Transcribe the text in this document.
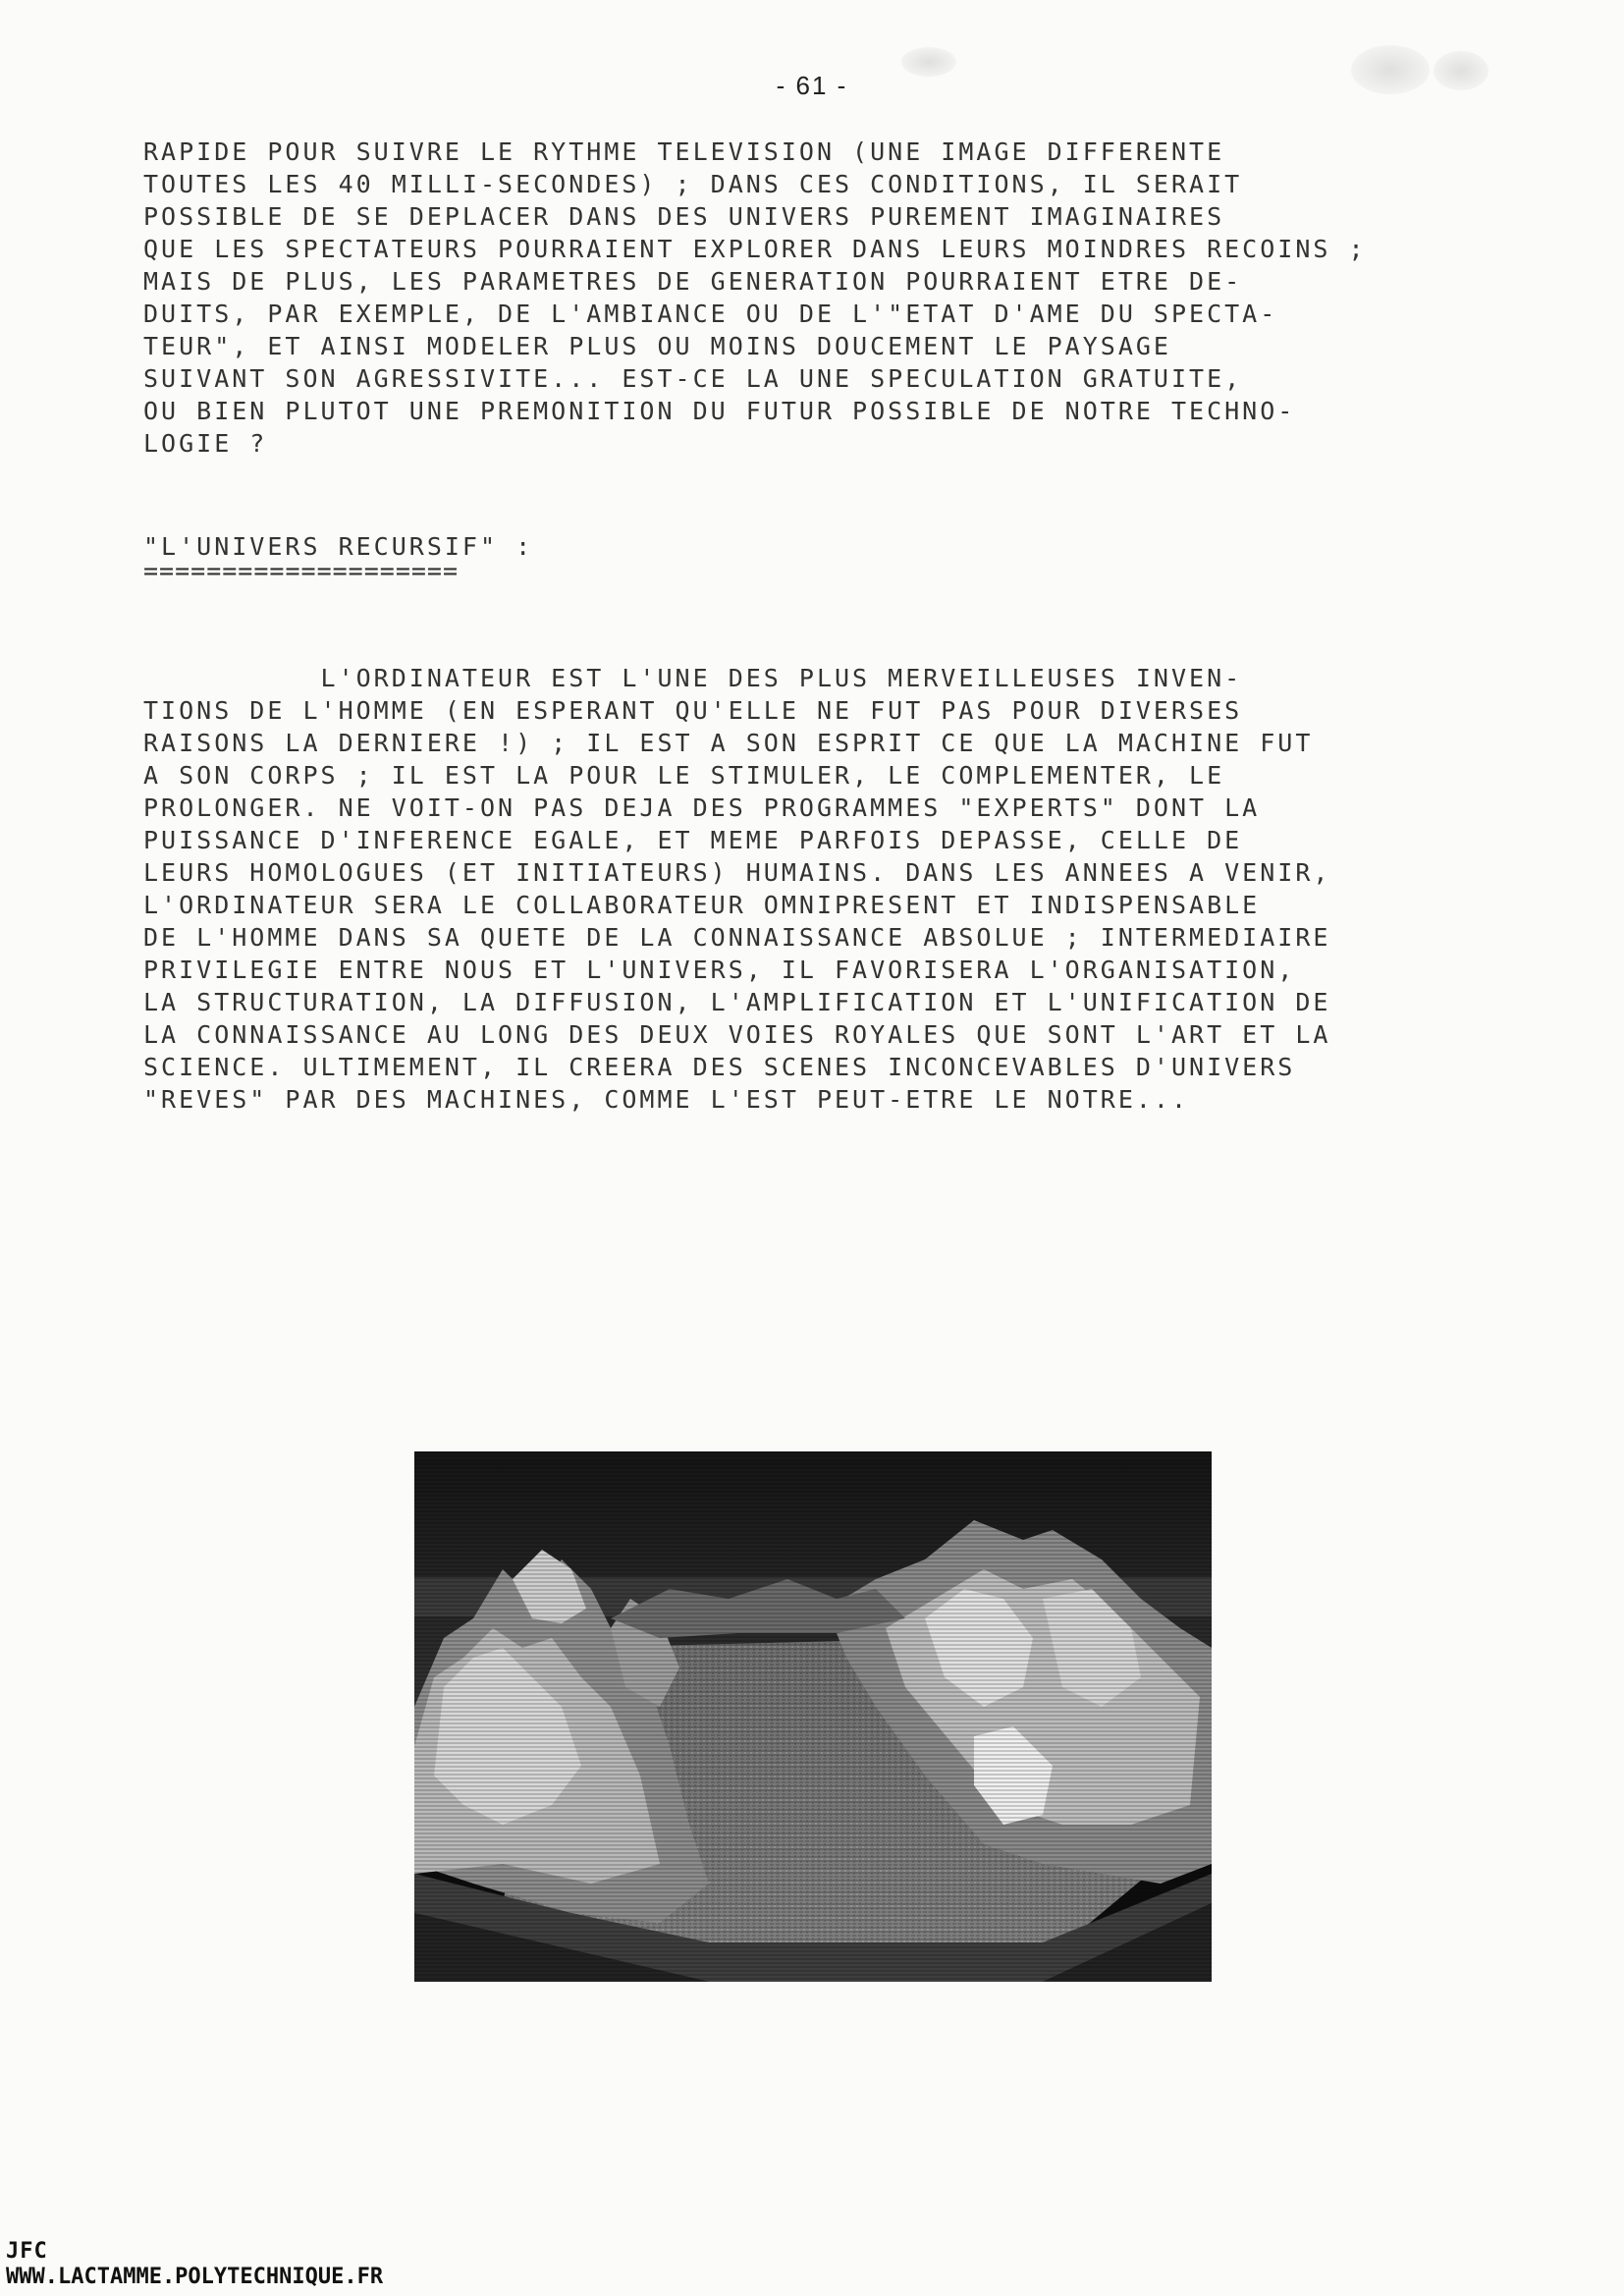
- 61 -
RAPIDE POUR SUIVRE LE RYTHME TELEVISION (UNE IMAGE DIFFERENTE
TOUTES LES 40 MILLI-SECONDES) ; DANS CES CONDITIONS, IL SERAIT
POSSIBLE DE SE DEPLACER DANS DES UNIVERS PUREMENT IMAGINAIRES
QUE LES SPECTATEURS POURRAIENT EXPLORER DANS LEURS MOINDRES RECOINS ;
MAIS DE PLUS, LES PARAMETRES DE GENERATION POURRAIENT ETRE DE-
DUITS, PAR EXEMPLE, DE L'AMBIANCE OU DE L'"ETAT D'AME DU SPECTA-
TEUR", ET AINSI MODELER PLUS OU MOINS DOUCEMENT LE PAYSAGE
SUIVANT SON AGRESSIVITE... EST-CE LA UNE SPECULATION GRATUITE,
OU BIEN PLUTOT UNE PREMONITION DU FUTUR POSSIBLE DE NOTRE TECHNO-
LOGIE ?
"L'UNIVERS RECURSIF" :
====================
L'ORDINATEUR EST L'UNE DES PLUS MERVEILLEUSES INVEN-
TIONS DE L'HOMME (EN ESPERANT QU'ELLE NE FUT PAS POUR DIVERSES
RAISONS LA DERNIERE !) ; IL EST A SON ESPRIT CE QUE LA MACHINE FUT
A SON CORPS ; IL EST LA POUR LE STIMULER, LE COMPLEMENTER, LE
PROLONGER. NE VOIT-ON PAS DEJA DES PROGRAMMES "EXPERTS" DONT LA
PUISSANCE D'INFERENCE EGALE, ET MEME PARFOIS DEPASSE, CELLE DE
LEURS HOMOLOGUES (ET INITIATEURS) HUMAINS. DANS LES ANNEES A VENIR,
L'ORDINATEUR SERA LE COLLABORATEUR OMNIPRESENT ET INDISPENSABLE
DE L'HOMME DANS SA QUETE DE LA CONNAISSANCE ABSOLUE ; INTERMEDIAIRE
PRIVILEGIE ENTRE NOUS ET L'UNIVERS, IL FAVORISERA L'ORGANISATION,
LA STRUCTURATION, LA DIFFUSION, L'AMPLIFICATION ET L'UNIFICATION DE
LA CONNAISSANCE AU LONG DES DEUX VOIES ROYALES QUE SONT L'ART ET LA
SCIENCE. ULTIMEMENT, IL CREERA DES SCENES INCONCEVABLES D'UNIVERS
"REVES" PAR DES MACHINES, COMME L'EST PEUT-ETRE LE NOTRE...
JFC
WWW.LACTAMME.POLYTECHNIQUE.FR
